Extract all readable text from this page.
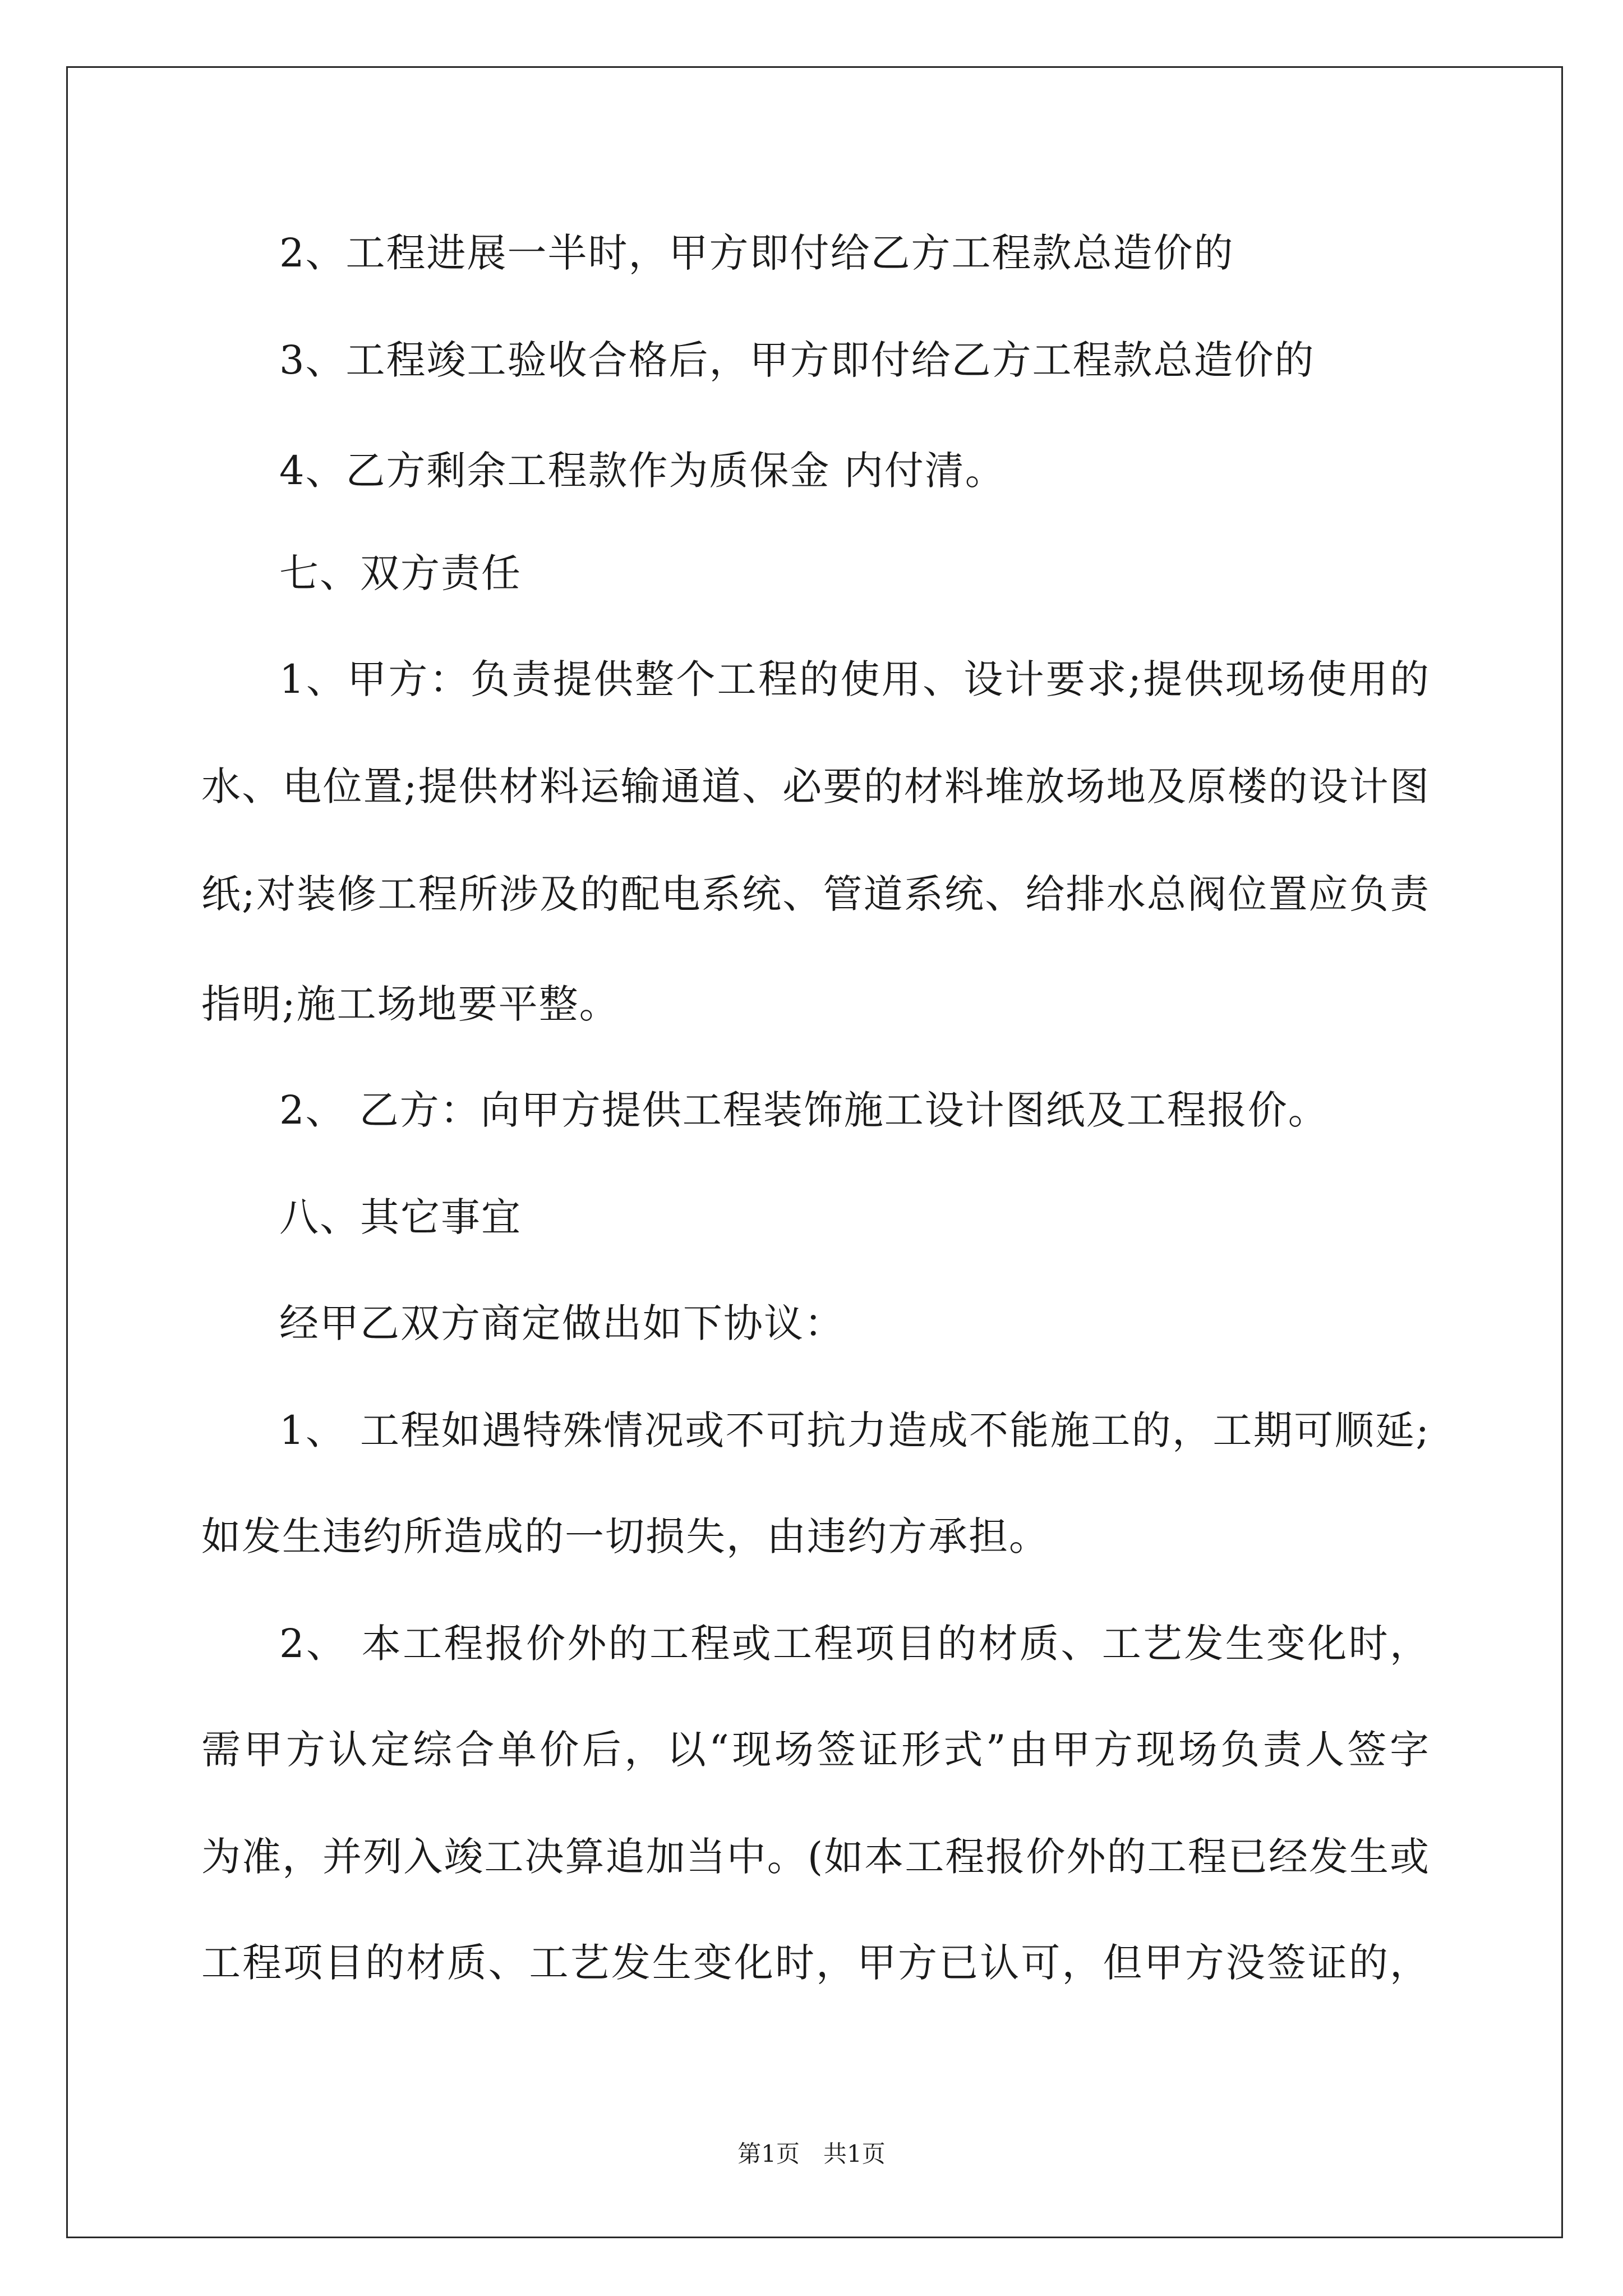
2、工程进展一半时，甲方即付给乙方工程款总造价的
3、工程竣工验收合格后，甲方即付给乙方工程款总造价的
4、乙方剩余工程款作为质保金 内付清。
七、双方责任
1、甲方：负责提供整个工程的使用、设计要求;提供现场使用的
水、电位置;提供材料运输通道、必要的材料堆放场地及原楼的设计图
纸;对装修工程所涉及的配电系统、管道系统、给排水总阀位置应负责
指明;施工场地要平整。
2、 乙方：向甲方提供工程装饰施工设计图纸及工程报价。
八、其它事宜
经甲乙双方商定做出如下协议：
1、 工程如遇特殊情况或不可抗力造成不能施工的，工期可顺延;
如发生违约所造成的一切损失，由违约方承担。
2、 本工程报价外的工程或工程项目的材质、工艺发生变化时，
需甲方认定综合单价后，以“现场签证形式”由甲方现场负责人签字
为准，并列入竣工决算追加当中。(如本工程报价外的工程已经发生或
工程项目的材质、工艺发生变化时，甲方已认可，但甲方没签证的，
第1页　共1页
